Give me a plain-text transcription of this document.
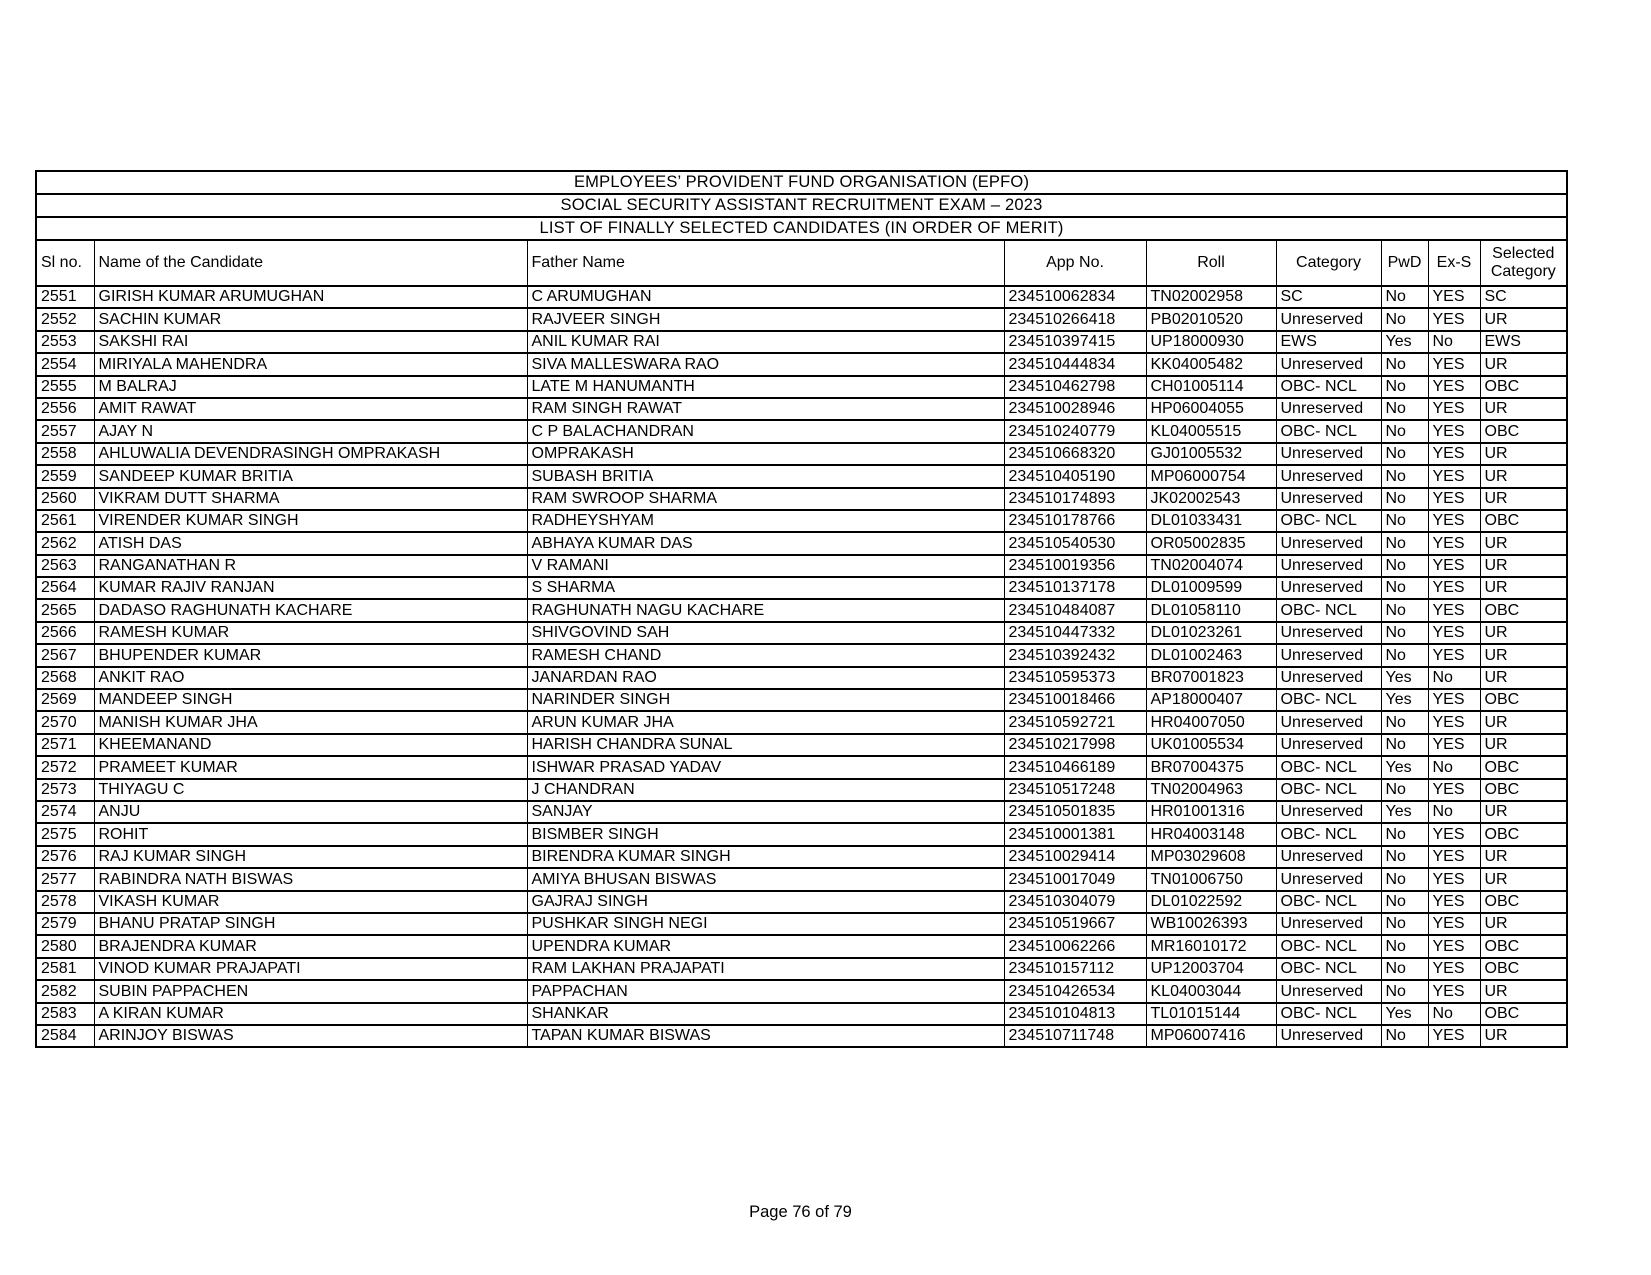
EMPLOYEES’ PROVIDENT FUND ORGANISATION (EPFO)								
SOCIAL SECURITY ASSISTANT RECRUITMENT EXAM – 2023								
LIST OF FINALLY SELECTED CANDIDATES (IN ORDER OF MERIT)								
Sl no.	Name of the Candidate	Father Name	App No.	Roll	Category	PwD	Ex-S	Selected Category
2551	GIRISH KUMAR ARUMUGHAN	C ARUMUGHAN	234510062834	TN02002958	SC	No	YES	SC
2552	SACHIN KUMAR	RAJVEER SINGH	234510266418	PB02010520	Unreserved	No	YES	UR
2553	SAKSHI RAI	ANIL KUMAR RAI	234510397415	UP18000930	EWS	Yes	No	EWS
2554	MIRIYALA MAHENDRA	SIVA MALLESWARA RAO	234510444834	KK04005482	Unreserved	No	YES	UR
2555	M BALRAJ	LATE M HANUMANTH	234510462798	CH01005114	OBC- NCL	No	YES	OBC
2556	AMIT RAWAT	RAM SINGH RAWAT	234510028946	HP06004055	Unreserved	No	YES	UR
2557	AJAY N	C P BALACHANDRAN	234510240779	KL04005515	OBC- NCL	No	YES	OBC
2558	AHLUWALIA DEVENDRASINGH OMPRAKASH	OMPRAKASH	234510668320	GJ01005532	Unreserved	No	YES	UR
2559	SANDEEP KUMAR BRITIA	SUBASH BRITIA	234510405190	MP06000754	Unreserved	No	YES	UR
2560	VIKRAM DUTT SHARMA	RAM SWROOP SHARMA	234510174893	JK02002543	Unreserved	No	YES	UR
2561	VIRENDER KUMAR SINGH	RADHEYSHYAM	234510178766	DL01033431	OBC- NCL	No	YES	OBC
2562	ATISH DAS	ABHAYA KUMAR DAS	234510540530	OR05002835	Unreserved	No	YES	UR
2563	RANGANATHAN R	V RAMANI	234510019356	TN02004074	Unreserved	No	YES	UR
2564	KUMAR RAJIV RANJAN	S SHARMA	234510137178	DL01009599	Unreserved	No	YES	UR
2565	DADASO RAGHUNATH KACHARE	RAGHUNATH NAGU KACHARE	234510484087	DL01058110	OBC- NCL	No	YES	OBC
2566	RAMESH KUMAR	SHIVGOVIND SAH	234510447332	DL01023261	Unreserved	No	YES	UR
2567	BHUPENDER KUMAR	RAMESH CHAND	234510392432	DL01002463	Unreserved	No	YES	UR
2568	ANKIT RAO	JANARDAN RAO	234510595373	BR07001823	Unreserved	Yes	No	UR
2569	MANDEEP SINGH	NARINDER SINGH	234510018466	AP18000407	OBC- NCL	Yes	YES	OBC
2570	MANISH KUMAR JHA	ARUN KUMAR JHA	234510592721	HR04007050	Unreserved	No	YES	UR
2571	KHEEMANAND	HARISH CHANDRA SUNAL	234510217998	UK01005534	Unreserved	No	YES	UR
2572	PRAMEET KUMAR	ISHWAR PRASAD YADAV	234510466189	BR07004375	OBC- NCL	Yes	No	OBC
2573	THIYAGU C	J CHANDRAN	234510517248	TN02004963	OBC- NCL	No	YES	OBC
2574	ANJU	SANJAY	234510501835	HR01001316	Unreserved	Yes	No	UR
2575	ROHIT	BISMBER SINGH	234510001381	HR04003148	OBC- NCL	No	YES	OBC
2576	RAJ KUMAR SINGH	BIRENDRA KUMAR SINGH	234510029414	MP03029608	Unreserved	No	YES	UR
2577	RABINDRA NATH BISWAS	AMIYA BHUSAN BISWAS	234510017049	TN01006750	Unreserved	No	YES	UR
2578	VIKASH KUMAR	GAJRAJ SINGH	234510304079	DL01022592	OBC- NCL	No	YES	OBC
2579	BHANU PRATAP SINGH	PUSHKAR SINGH NEGI	234510519667	WB10026393	Unreserved	No	YES	UR
2580	BRAJENDRA KUMAR	UPENDRA KUMAR	234510062266	MR16010172	OBC- NCL	No	YES	OBC
2581	VINOD KUMAR PRAJAPATI	RAM LAKHAN PRAJAPATI	234510157112	UP12003704	OBC- NCL	No	YES	OBC
2582	SUBIN PAPPACHEN	PAPPACHAN	234510426534	KL04003044	Unreserved	No	YES	UR
2583	A KIRAN KUMAR	SHANKAR	234510104813	TL01015144	OBC- NCL	Yes	No	OBC
2584	ARINJOY BISWAS	TAPAN KUMAR BISWAS	234510711748	MP06007416	Unreserved	No	YES	UR
Page 76 of 79
